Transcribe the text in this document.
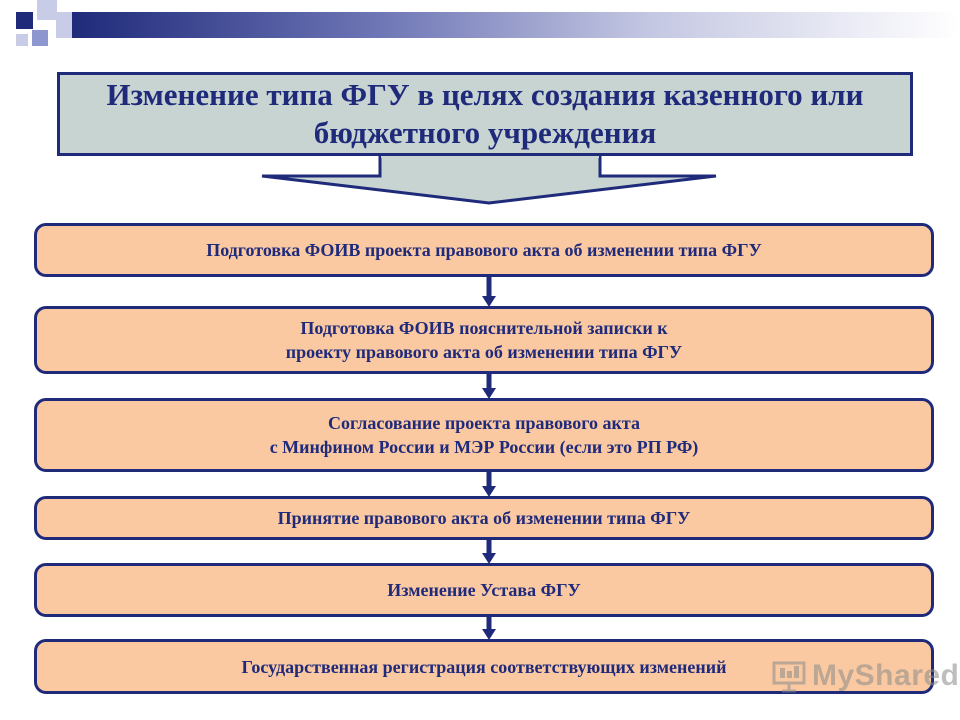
Изменение типа ФГУ в целях создания казенного или бюджетного учреждения
Подготовка ФОИВ проекта правового акта об изменении типа ФГУ
Подготовка ФОИВ пояснительной записки к
проекту правового акта об изменении типа ФГУ
Согласование проекта правового акта
с Минфином России и МЭР России (если это РП РФ)
Принятие правового акта об изменении типа ФГУ
Изменение Устава ФГУ
Государственная регистрация соответствующих изменений	MyShared
